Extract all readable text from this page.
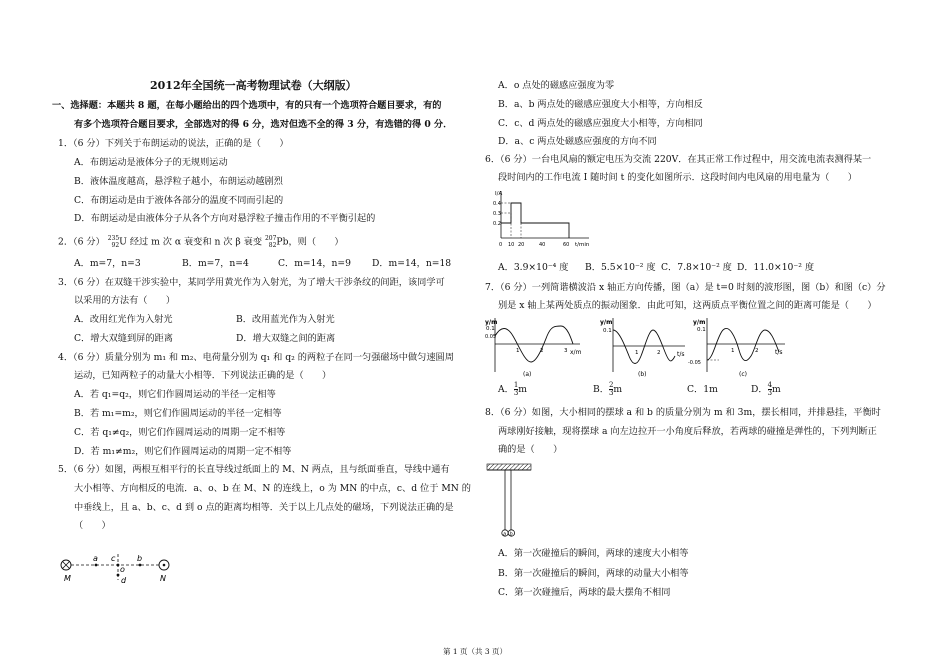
2012年全国统一高考物理试卷（大纲版）
一、选择题：本题共 8 题，在每小题给出的四个选项中，有的只有一个选项符合题目要求，有的
有多个选项符合题目要求，全部选对的得 6 分，选对但选不全的得 3 分，有选错的得 0 分．
1．（6 分）下列关于布朗运动的说法，正确的是（　　）
A．布朗运动是液体分子的无规则运动
B．液体温度越高，悬浮粒子越小，布朗运动越剧烈
C．布朗运动是由于液体各部分的温度不同而引起的
D．布朗运动是由液体分子从各个方向对悬浮粒子撞击作用的不平衡引起的
2．（6 分） 235
92U 经过 m 次 α 衰变和 n 次 β 衰变 207
82Pb，则（　　）
A．m=7，n=3	B．m=7，n=4	C．m=14，n=9 D．m=14，n=18
3．（6 分）在双缝干涉实验中，某同学用黄光作为入射光，为了增大干涉条纹的间距，该同学可
以采用的方法有（　　）
A．改用红光作为入射光	B．改用蓝光作为入射光
C．增大双缝到屏的距离	D．增大双缝之间的距离
4．（6 分）质量分别为 m₁ 和 m₂、电荷量分别为 q₁ 和 q₂ 的两粒子在同一匀强磁场中做匀速圆周
运动，已知两粒子的动量大小相等．下列说法正确的是（　　）
A．若 q₁=q₂，则它们作圆周运动的半径一定相等
B．若 m₁=m₂，则它们作圆周运动的半径一定相等
C．若 q₁≠q₂，则它们作圆周运动的周期一定不相等
D．若 m₁≠m₂，则它们作圆周运动的周期一定不相等
5．（6 分）如图，两根互相平行的长直导线过纸面上的 M、N 两点，且与纸面垂直，导线中通有
大小相等、方向相反的电流．a、o、b 在 M、N 的连线上，o 为 MN 的中点，c、d 位于 MN 的
中垂线上，且 a、b、c、d 到 o 点的距离均相等．关于以上几点处的磁场，下列说法正确的是
（　　）
M	N
a	b
c
o
d
A．o 点处的磁感应强度为零
B．a、b 两点处的磁感应强度大小相等，方向相反
C．c、d 两点处的磁感应强度大小相等，方向相同
D．a、c 两点处磁感应强度的方向不同
6．（6 分）一台电风扇的额定电压为交流 220V．在其正常工作过程中，用交流电流表测得某一
段时间内的工作电流 I 随时间 t 的变化如图所示．这段时间内电风扇的用电量为（　　）
I/A
t/min
0.4
0.3
0.2
0 10 20	40	60
A．3.9×10⁻⁴ 度 B．5.5×10⁻² 度 C．7.8×10⁻² 度 D．11.0×10⁻² 度
7．（6 分）一列简谐横波沿 x 轴正方向传播，图（a）是 t=0 时刻的波形图，图（b）和图（c）分
别是 x 轴上某两处质点的振动图象．由此可知，这两质点平衡位置之间的距离可能是（　　）
y/m
x/m
0.1
0.05
1	2	3
(a)
y/m
t/s
0.1
1	2
(b)
y/m
t/s
0.1
-0.05
1	2
(c)
A． $\frac{1}{3}m$	B． $\frac{2}{3}m$	C．1m	D． $\frac{4}{3}m$
8．（6 分）如图，大小相同的摆球 a 和 b 的质量分别为 m 和 3m，摆长相同，并排悬挂，平衡时
两球刚好接触，现将摆球 a 向左边拉开一小角度后释放，若两球的碰撞是弹性的，下列判断正
确的是（　　）
a b
A．第一次碰撞后的瞬间，两球的速度大小相等
B．第一次碰撞后的瞬间，两球的动量大小相等
C．第一次碰撞后，两球的最大摆角不相同
第 1 页（共 3 页）
